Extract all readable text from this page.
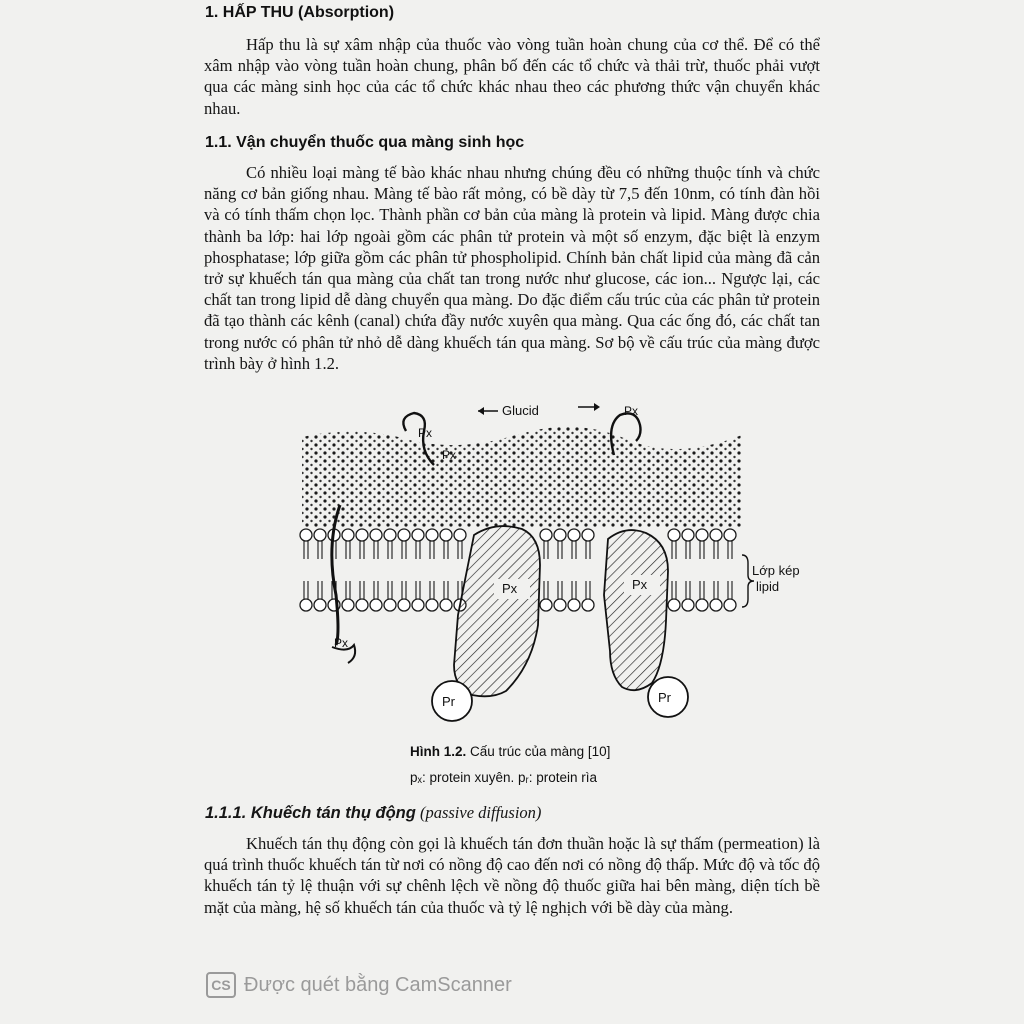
1. HẤP THU (Absorption)

Hấp thu là sự xâm nhập của thuốc vào vòng tuần hoàn chung của cơ thể. Để có thể xâm nhập vào vòng tuần hoàn chung, phân bố đến các tổ chức và thải trừ, thuốc phải vượt qua các màng sinh học của các tổ chức khác nhau theo các phương thức vận chuyển khác nhau.

1.1. Vận chuyển thuốc qua màng sinh học

Có nhiều loại màng tế bào khác nhau nhưng chúng đều có những thuộc tính và chức năng cơ bản giống nhau. Màng tế bào rất mỏng, có bề dày từ 7,5 đến 10nm, có tính đàn hồi và có tính thấm chọn lọc. Thành phần cơ bản của màng là protein và lipid. Màng được chia thành ba lớp: hai lớp ngoài gồm các phân tử protein và một số enzym, đặc biệt là enzym phosphatase; lớp giữa gồm các phân tử phospholipid. Chính bản chất lipid của màng đã cản trở sự khuếch tán qua màng của chất tan trong nước như glucose, các ion... Ngược lại, các chất tan trong lipid dễ dàng chuyển qua màng. Do đặc điểm cấu trúc của các phân tử protein đã tạo thành các kênh (canal) chứa đầy nước xuyên qua màng. Qua các ống đó, các chất tan trong nước có phân tử nhỏ dễ dàng khuếch tán qua màng. Sơ bộ về cấu trúc của màng được trình bày ở hình 1.2.

Glucid
Px
Px
Px
Px	Px
Px
Pr	Pr
Lớp kép
lipid
Hình 1.2. Cấu trúc của màng [10]
pₓ: protein xuyên. pᵣ: protein rìa
1.1.1. Khuếch tán thụ động (passive diffusion)

Khuếch tán thụ động còn gọi là khuếch tán đơn thuần hoặc là sự thấm (permeation) là quá trình thuốc khuếch tán từ nơi có nồng độ cao đến nơi có nồng độ thấp. Mức độ và tốc độ khuếch tán tỷ lệ thuận với sự chênh lệch về nồng độ thuốc giữa hai bên màng, diện tích bề mặt của màng, hệ số khuếch tán của thuốc và tỷ lệ nghịch với bề dày của màng.

CS Được quét bằng CamScanner
